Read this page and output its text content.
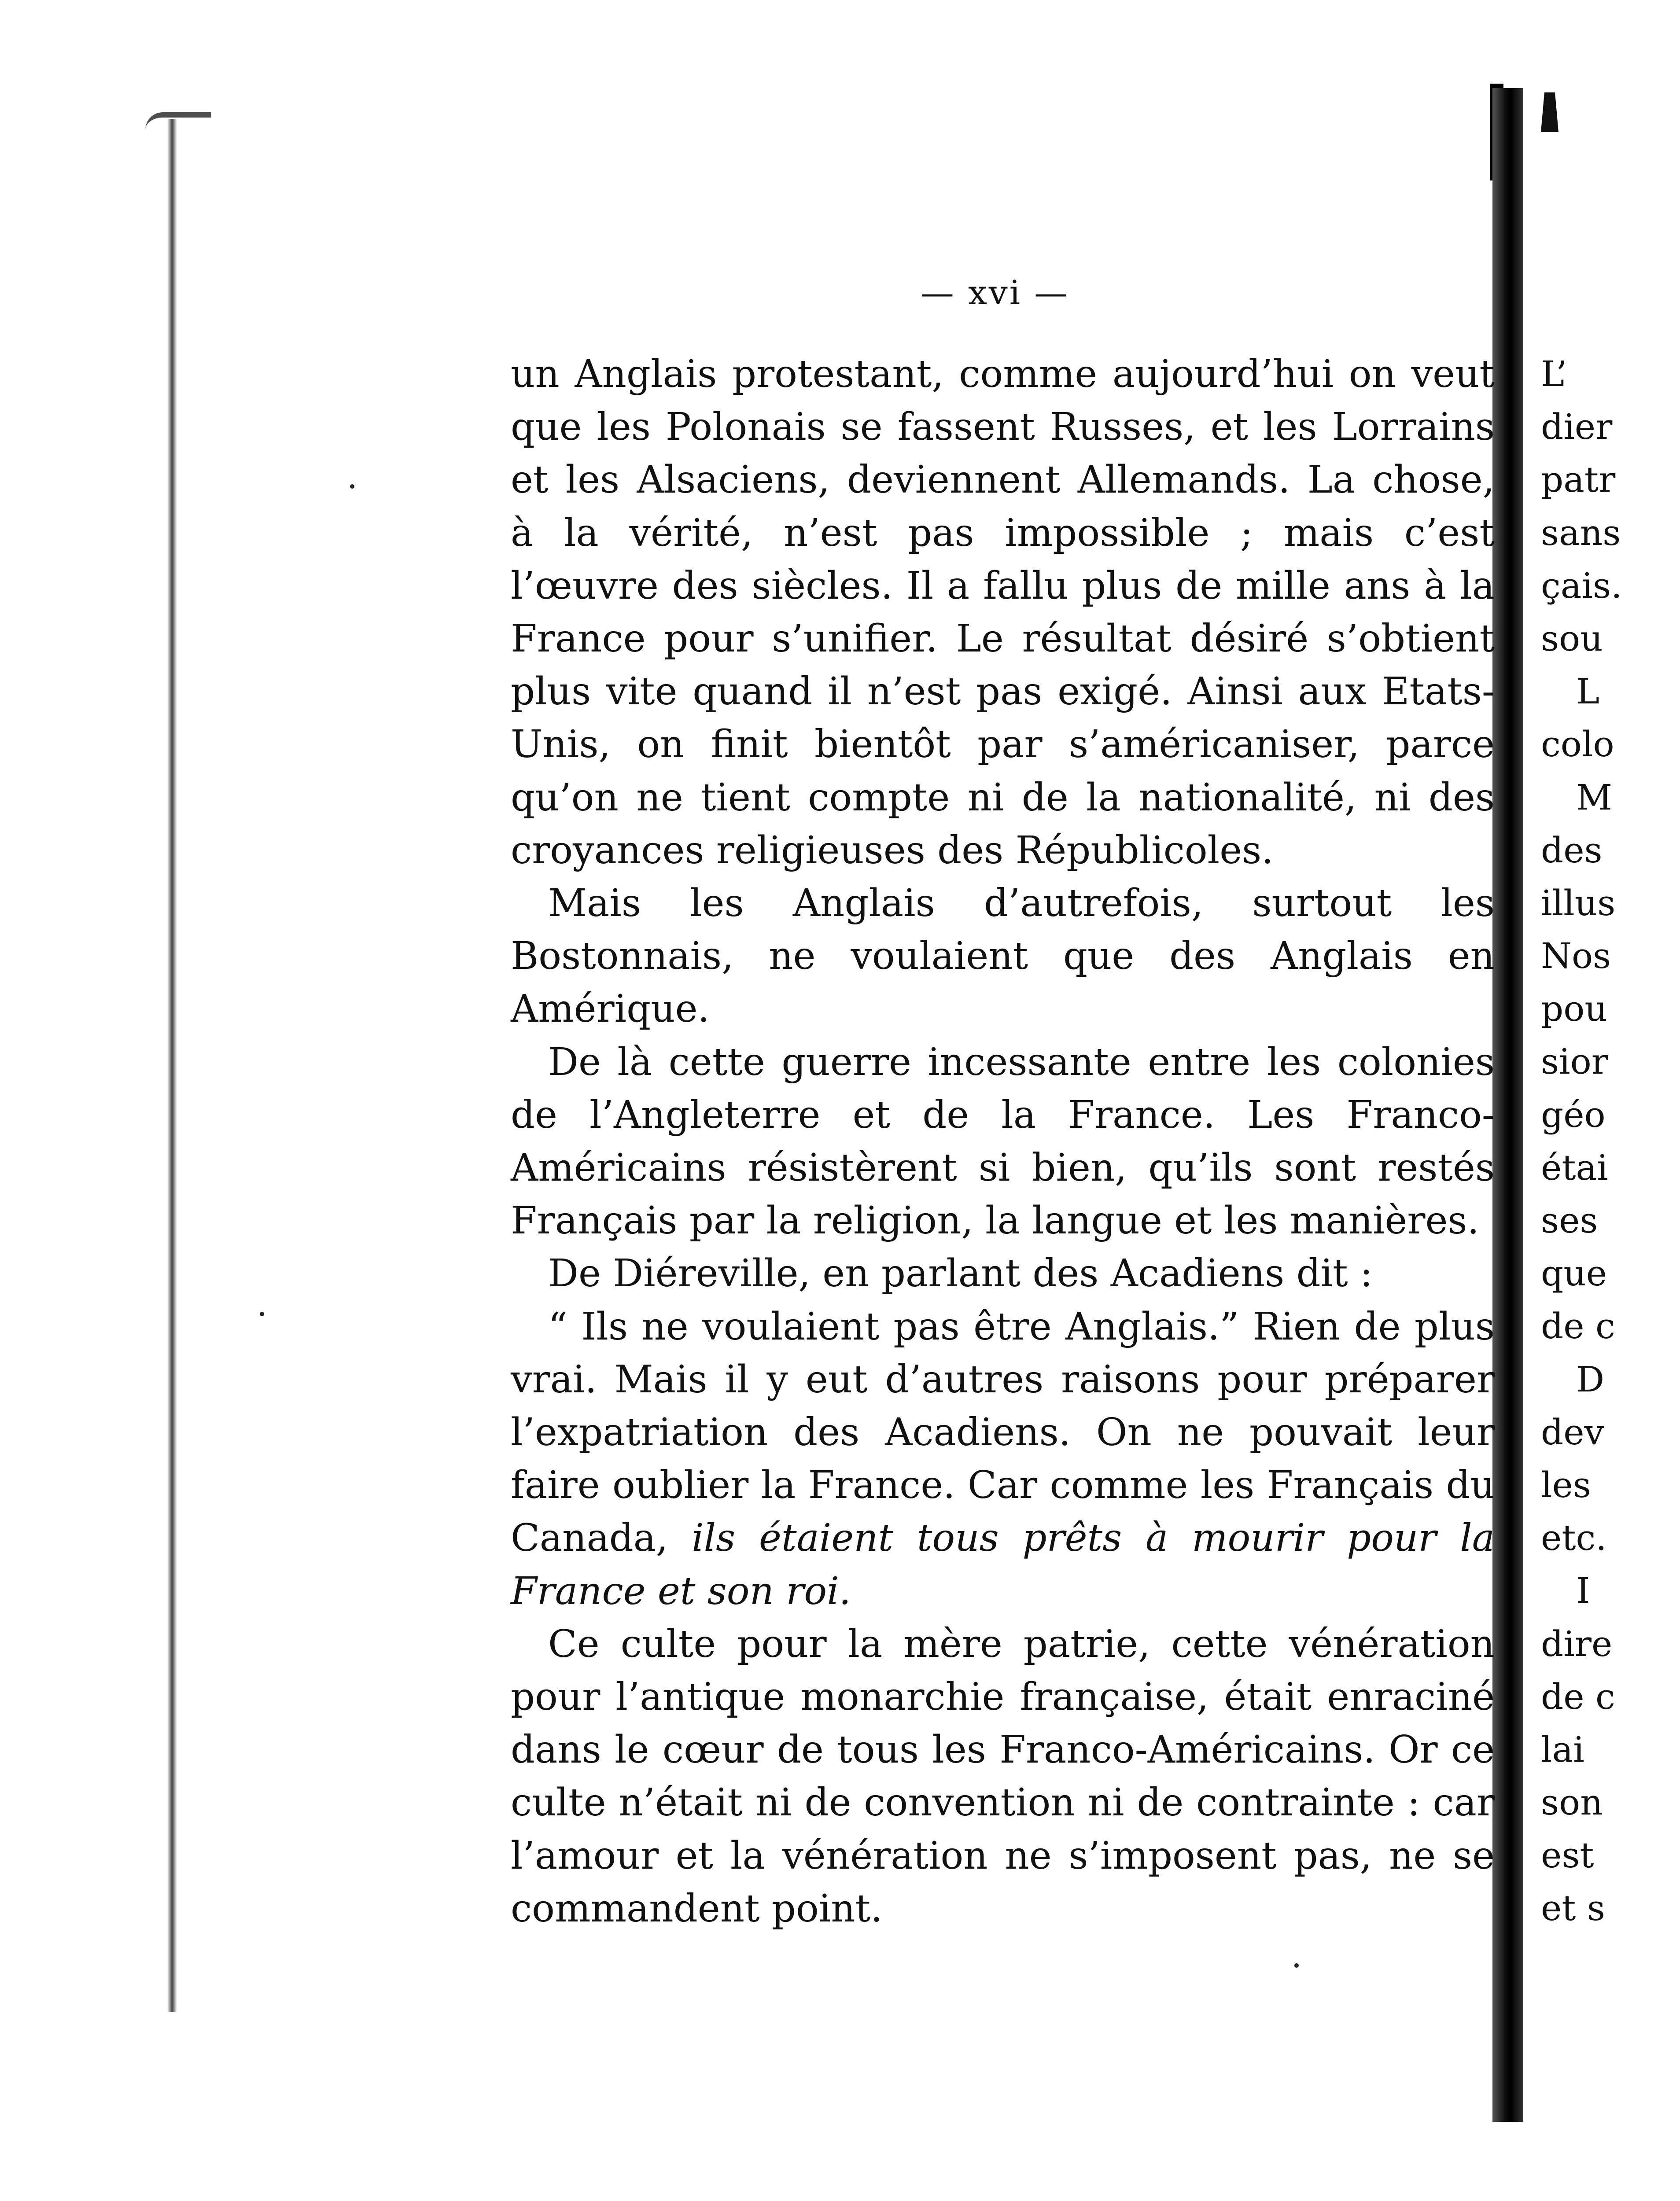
— xvi —

un Anglais protestant, comme aujourd’hui on veut que les Polonais se fassent Russes, et les Lorrains et les Alsaciens, deviennent Allemands. La chose, à la vérité, n’est pas impossible ; mais c’est l’œuvre des siècles. Il a fallu plus de mille ans à la France pour s’unifier. Le résultat désiré s’obtient plus vite quand il n’est pas exigé. Ainsi aux Etats-Unis, on finit bientôt par s’américaniser, parce qu’on ne tient compte ni de la nationalité, ni des croyances religieuses des Républicoles.

Mais les Anglais d’autrefois, surtout les Bostonnais, ne voulaient que des Anglais en Amérique.

De là cette guerre incessante entre les colonies de l’Angleterre et de la France. Les Franco-Américains résistèrent si bien, qu’ils sont restés Français par la religion, la langue et les manières.

De Diéreville, en parlant des Acadiens dit :

“ Ils ne voulaient pas être Anglais.” Rien de plus vrai. Mais il y eut d’autres raisons pour préparer l’expatriation des Acadiens. On ne pouvait leur faire oublier la France. Car comme les Français du Canada, ils étaient tous prêts à mourir pour la France et son roi.

Ce culte pour la mère patrie, cette vénération pour l’antique monarchie française, était enraciné dans le cœur de tous les Franco-Américains. Or ce culte n’était ni de convention ni de contrainte : car l’amour et la vénération ne s’imposent pas, ne se commandent point.

L’
dier
patr
sans
çais.
sou
L
colo
M
des
illus
Nos
pou
sior
géo
étai
ses
que
de c
D
dev
les
etc.
I
dire
de c
lai
son
est
et s
